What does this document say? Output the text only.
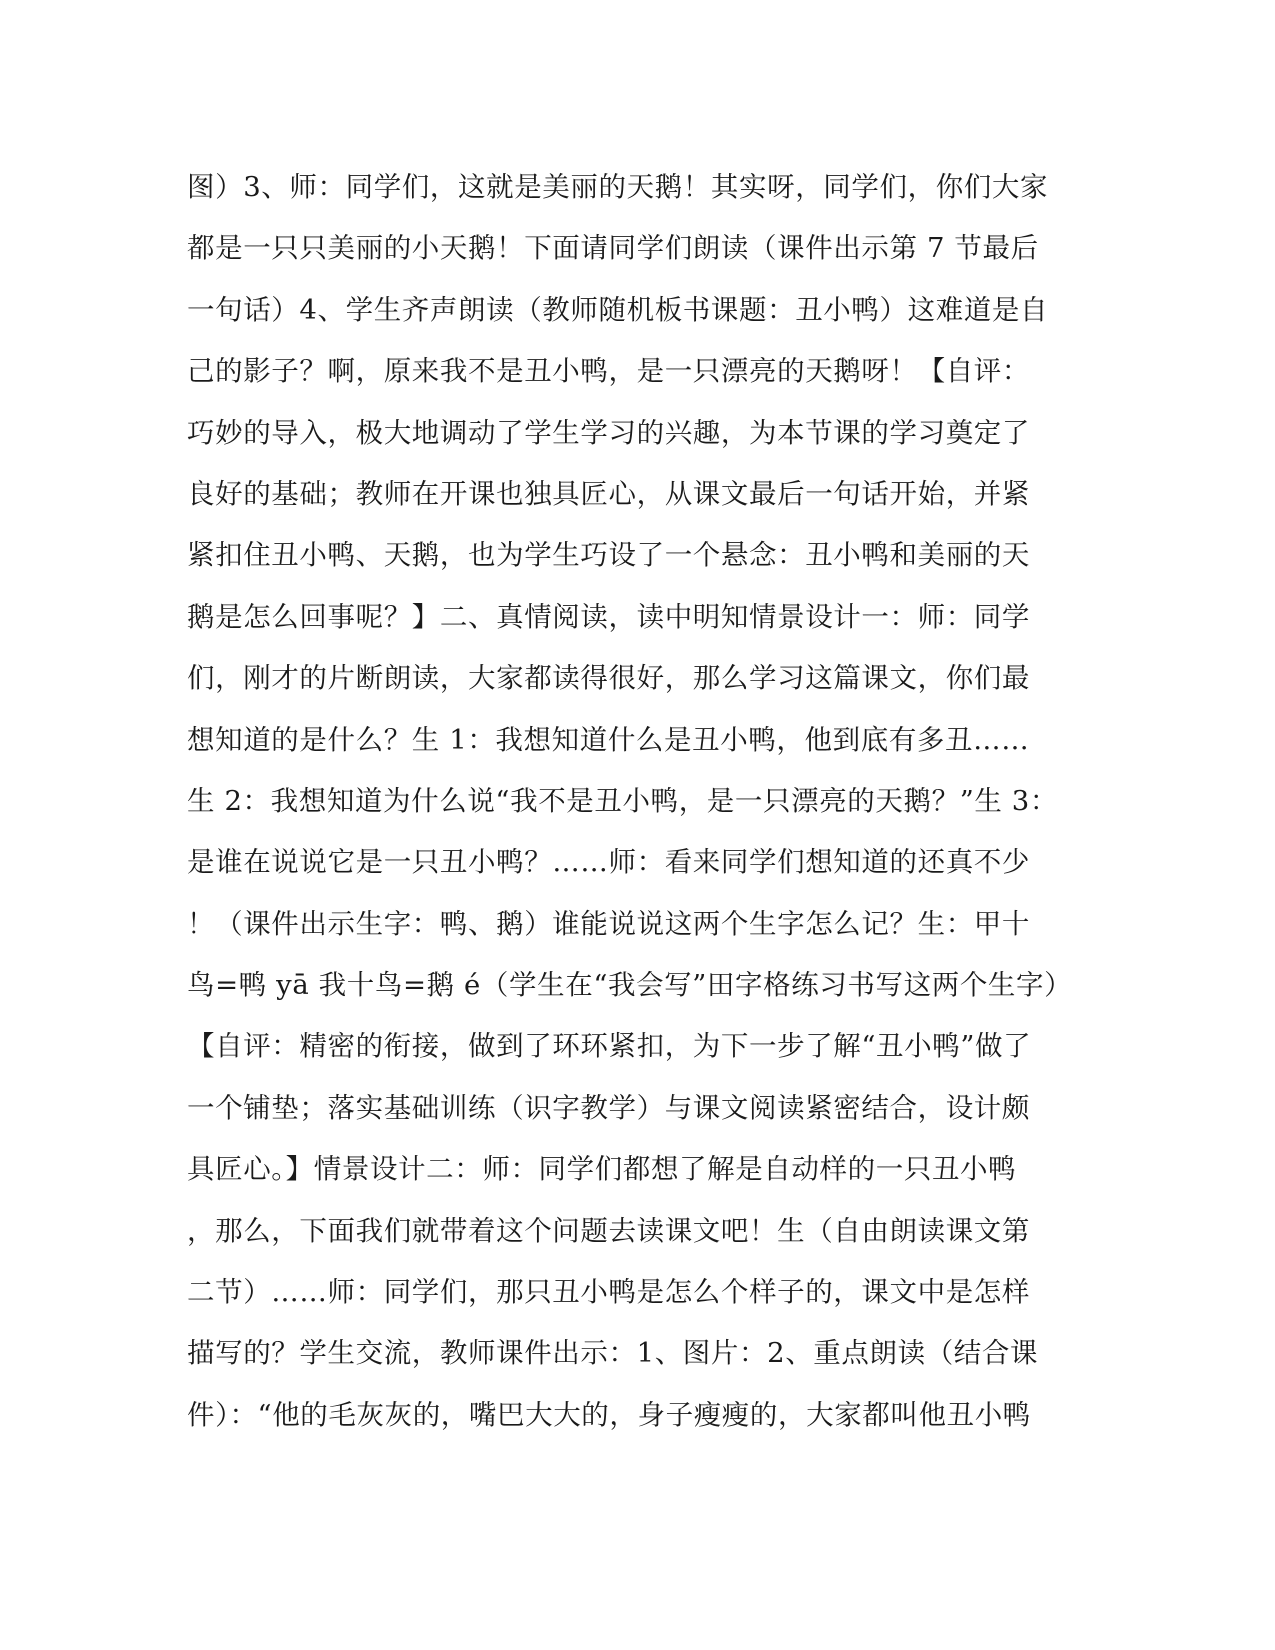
图）3、师：同学们，这就是美丽的天鹅！其实呀，同学们，你们大家
都是一只只美丽的小天鹅！下面请同学们朗读（课件出示第 7 节最后
一句话）4、学生齐声朗读（教师随机板书课题：丑小鸭）这难道是自
己的影子？啊，原来我不是丑小鸭，是一只漂亮的天鹅呀！【自评：
巧妙的导入，极大地调动了学生学习的兴趣，为本节课的学习奠定了
良好的基础；教师在开课也独具匠心，从课文最后一句话开始，并紧
紧扣住丑小鸭、天鹅，也为学生巧设了一个悬念：丑小鸭和美丽的天
鹅是怎么回事呢？】二、真情阅读，读中明知情景设计一：师：同学
们，刚才的片断朗读，大家都读得很好，那么学习这篇课文，你们最
想知道的是什么？生 1：我想知道什么是丑小鸭，他到底有多丑……
生 2：我想知道为什么说“我不是丑小鸭，是一只漂亮的天鹅？”生 3：
是谁在说说它是一只丑小鸭？……师：看来同学们想知道的还真不少
！（课件出示生字：鸭、鹅）谁能说说这两个生字怎么记？生：甲十
鸟=鸭 yā 我十鸟=鹅 é（学生在“我会写”田字格练习书写这两个生字）
【自评：精密的衔接，做到了环环紧扣，为下一步了解“丑小鸭”做了
一个铺垫；落实基础训练（识字教学）与课文阅读紧密结合，设计颇
具匠心。】情景设计二：师：同学们都想了解是自动样的一只丑小鸭
，那么，下面我们就带着这个问题去读课文吧！生（自由朗读课文第
二节）……师：同学们，那只丑小鸭是怎么个样子的，课文中是怎样
描写的？学生交流，教师课件出示：1、图片：2、重点朗读（结合课
件）：“他的毛灰灰的，嘴巴大大的，身子瘦瘦的，大家都叫他丑小鸭
